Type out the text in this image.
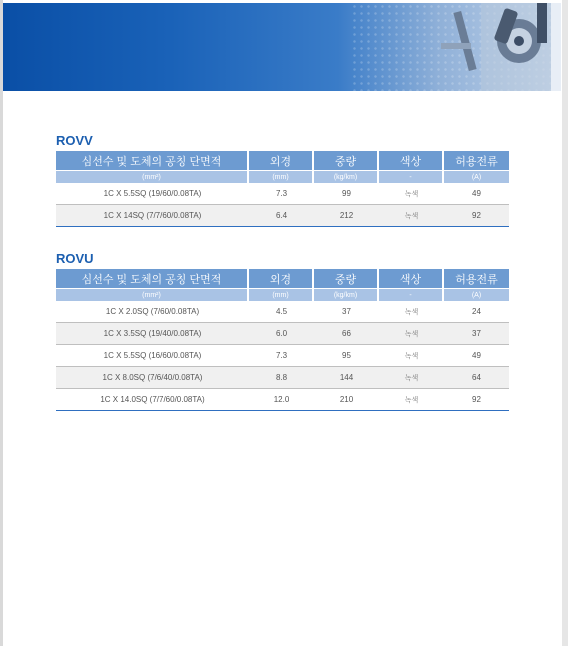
ROVV
심선수 및 도체의 공칭 단면적	외경	중량	색상	허용전류
(mm²)	(mm)	(kg/km)	-	(A)
1C X 5.5SQ (19/60/0.08TA)	7.3	99	녹색	49
1C X 14SQ (7/7/60/0.08TA)	6.4	212	녹색	92
ROVU
심선수 및 도체의 공칭 단면적	외경	중량	색상	허용전류
(mm²)	(mm)	(kg/km)	-	(A)
1C X 2.0SQ (7/60/0.08TA)	4.5	37	녹색	24
1C X 3.5SQ (19/40/0.08TA)	6.0	66	녹색	37
1C X 5.5SQ (16/60/0.08TA)	7.3	95	녹색	49
1C X 8.0SQ (7/6/40/0.08TA)	8.8	144	녹색	64
1C X 14.0SQ (7/7/60/0.08TA)	12.0	210	녹색	92
